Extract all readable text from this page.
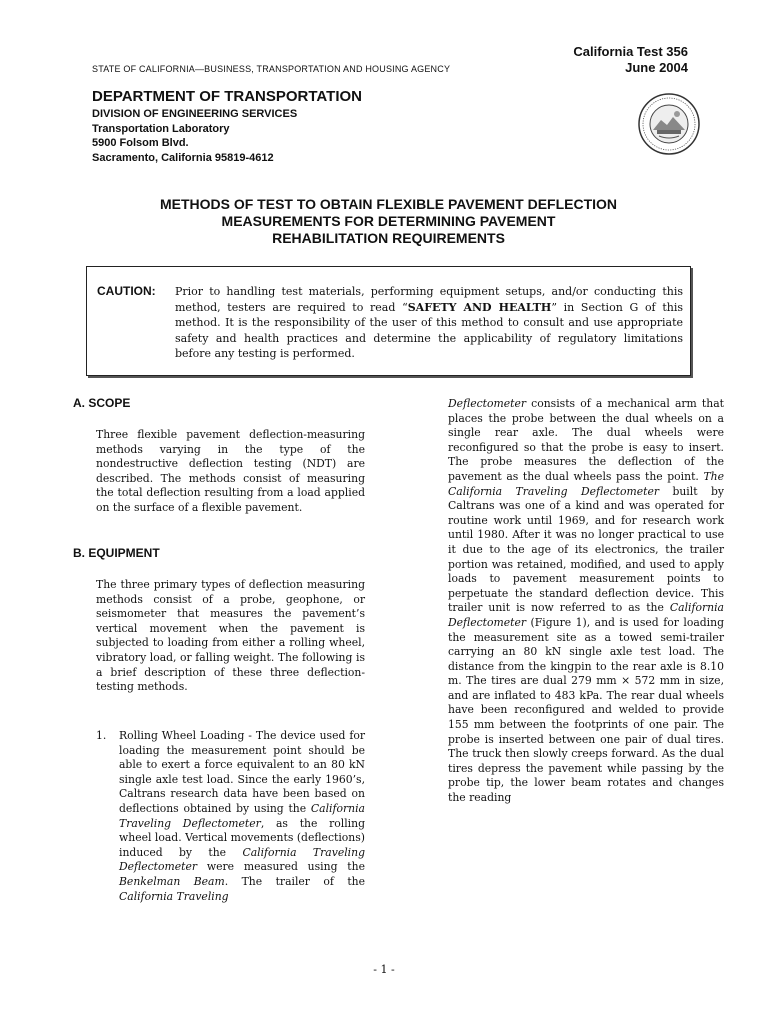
STATE OF CALIFORNIA—BUSINESS, TRANSPORTATION AND HOUSING AGENCY
California Test 356
June 2004
DEPARTMENT OF TRANSPORTATION
DIVISION OF ENGINEERING SERVICES
Transportation Laboratory
5900 Folsom Blvd.
Sacramento, California 95819-4612
METHODS OF TEST TO OBTAIN FLEXIBLE PAVEMENT DEFLECTION
MEASUREMENTS FOR DETERMINING PAVEMENT
REHABILITATION REQUIREMENTS
CAUTION: Prior to handling test materials, performing equipment setups, and/or conducting this method, testers are required to read “SAFETY AND HEALTH” in Section G of this method. It is the responsibility of the user of this method to consult and use appropriate safety and health practices and determine the applicability of regulatory limitations before any testing is performed.
A. SCOPE
Three flexible pavement deflection-measuring methods varying in the type of the nondestructive deflection testing (NDT) are described. The methods consist of measuring the total deflection resulting from a load applied on the surface of a flexible pavement.
B. EQUIPMENT
The three primary types of deflection measuring methods consist of a probe, geophone, or seismometer that measures the pavement’s vertical movement when the pavement is subjected to loading from either a rolling wheel, vibratory load, or falling weight. The following is a brief description of these three deflection-testing methods.
1. Rolling Wheel Loading - The device used for loading the measurement point should be able to exert a force equivalent to an 80 kN single axle test load. Since the early 1960’s, Caltrans research data have been based on deflections obtained by using the California Traveling Deflectometer, as the rolling wheel load. Vertical movements (deflections) induced by the California Traveling Deflectometer were measured using the Benkelman Beam. The trailer of the California Traveling
Deflectometer consists of a mechanical arm that places the probe between the dual wheels on a single rear axle. The dual wheels were reconfigured so that the probe is easy to insert. The probe measures the deflection of the pavement as the dual wheels pass the point. The California Traveling Deflectometer built by Caltrans was one of a kind and was operated for routine work until 1969, and for research work until 1980. After it was no longer practical to use it due to the age of its electronics, the trailer portion was retained, modified, and used to apply loads to pavement measurement points to perpetuate the standard deflection device. This trailer unit is now referred to as the California Deflectometer (Figure 1), and is used for loading the measurement site as a towed semi-trailer carrying an 80 kN single axle test load. The distance from the kingpin to the rear axle is 8.10 m. The tires are dual 279 mm × 572 mm in size, and are inflated to 483 kPa. The rear dual wheels have been reconfigured and welded to provide 155 mm between the footprints of one pair. The probe is inserted between one pair of dual tires. The truck then slowly creeps forward. As the dual tires depress the pavement while passing by the probe tip, the lower beam rotates and changes the reading
- 1 -
